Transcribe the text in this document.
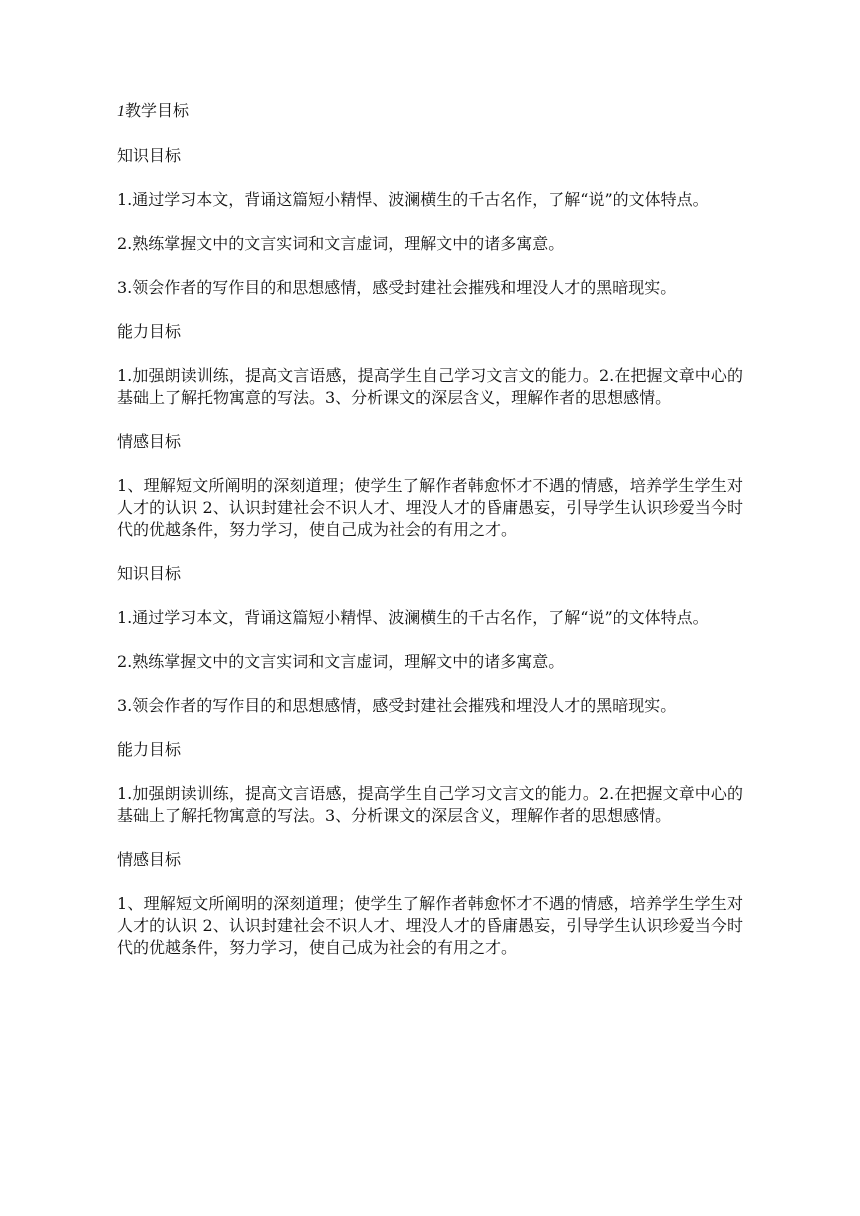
1教学目标
知识目标
1.通过学习本文，背诵这篇短小精悍、波澜横生的千古名作，了解“说”的文体特点。
2.熟练掌握文中的文言实词和文言虚词，理解文中的诸多寓意。
3.领会作者的写作目的和思想感情，感受封建社会摧残和埋没人才的黑暗现实。
能力目标
1.加强朗读训练，提高文言语感，提高学生自己学习文言文的能力。2.在把握文章中心的基础上了解托物寓意的写法。3、分析课文的深层含义，理解作者的思想感情。
情感目标
1、理解短文所阐明的深刻道理；使学生了解作者韩愈怀才不遇的情感，培养学生学生对人才的认识 2、认识封建社会不识人才、埋没人才的昏庸愚妄，引导学生认识珍爱当今时代的优越条件，努力学习，使自己成为社会的有用之才。
知识目标
1.通过学习本文，背诵这篇短小精悍、波澜横生的千古名作，了解“说”的文体特点。
2.熟练掌握文中的文言实词和文言虚词，理解文中的诸多寓意。
3.领会作者的写作目的和思想感情，感受封建社会摧残和埋没人才的黑暗现实。
能力目标
1.加强朗读训练，提高文言语感，提高学生自己学习文言文的能力。2.在把握文章中心的基础上了解托物寓意的写法。3、分析课文的深层含义，理解作者的思想感情。
情感目标
1、理解短文所阐明的深刻道理；使学生了解作者韩愈怀才不遇的情感，培养学生学生对人才的认识 2、认识封建社会不识人才、埋没人才的昏庸愚妄，引导学生认识珍爱当今时代的优越条件，努力学习，使自己成为社会的有用之才。
